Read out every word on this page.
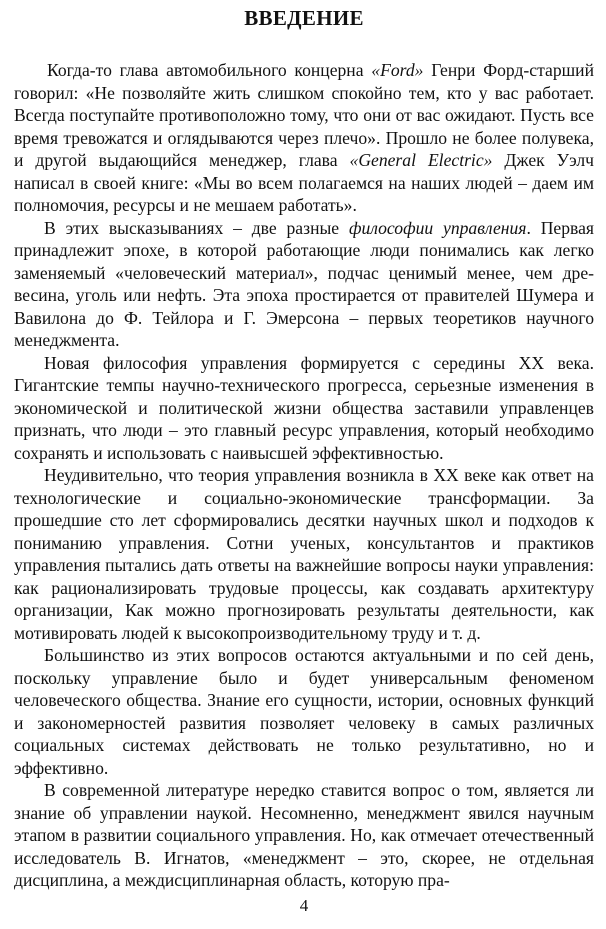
ВВЕДЕНИЕ

Когда-то глава автомобильного концерна «Ford» Генри Форд-старший говорил: «Не позволяйте жить слишком спокойно тем, кто у вас работает. Всегда поступайте противоположно тому, что они от вас ожидают. Пусть все время тревожатся и оглядываются через плечо». Прошло не более полувека, и другой выдающийся менеджер, глава «General Electric» Джек Уэлч написал в своей книге: «Мы во всем полагаемся на наших людей – даем им полномочия, ресурсы и не мешаем работать».

В этих высказываниях – две разные философии управления. Первая принадлежит эпохе, в которой работающие люди понимались как легко заменяемый «человеческий материал», подчас ценимый менее, чем древесина, уголь или нефть. Эта эпоха простирается от правителей Шумера и Вавилона до Ф. Тейлора и Г. Эмерсона – первых теоретиков научного менеджмента.

Новая философия управления формируется с середины XX века. Гигантские темпы научно-технического прогресса, серьезные изменения в экономической и политической жизни общества заставили управленцев признать, что люди – это главный ресурс управления, который необходимо сохранять и использовать с наивысшей эффективностью.

Неудивительно, что теория управления возникла в XX веке как ответ на технологические и социально-экономические трансформации. За прошедшие сто лет сформировались десятки научных школ и подходов к пониманию управления. Сотни ученых, консультантов и практиков управления пытались дать ответы на важнейшие вопросы науки управления: как рационализировать трудовые процессы, как создавать архитектуру организации, Как можно прогнозировать результаты деятельности, как мотивировать людей к высокопроизводительному труду и т. д.

Большинство из этих вопросов остаются актуальными и по сей день, поскольку управление было и будет универсальным феноменом человеческого общества. Знание его сущности, истории, основных функций и закономерностей развития позволяет человеку в самых различных социальных системах действовать не только результативно, но и эффективно.

В современной литературе нередко ставится вопрос о том, является ли знание об управлении наукой. Несомненно, менеджмент явился научным этапом в развитии социального управления. Но, как отмечает отечественный исследователь В. Игнатов, «менеджмент – это, скорее, не отдельная дисциплина, а междисциплинарная область, которую пра-

4
